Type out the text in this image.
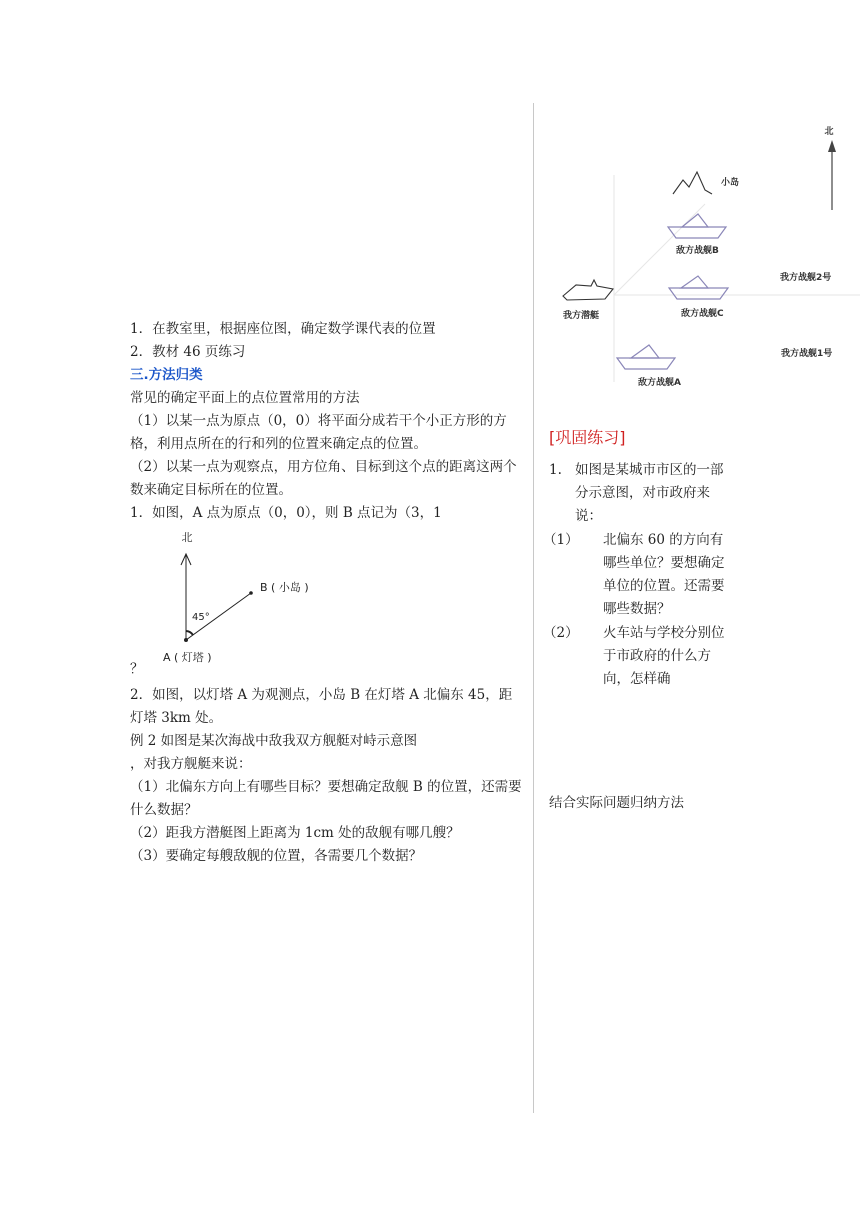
北
小岛
敌方战舰B
我方战舰2号
我方潜艇	敌方战舰C
我方战舰1号
敌方战舰A

1．在教室里，根据座位图，确定数学课代表的位置

2．教材 46 页练习

三.方法归类

常见的确定平面上的点位置常用的方法

（1）以某一点为原点（0，0）将平面分成若干个小正方形的方格，利用点所在的行和列的位置来确定点的位置。

（2）以某一点为观察点，用方位角、目标到这个点的距离这两个数来确定目标所在的位置。

1．如图，A 点为原点（0，0），则 B 点记为（3，1

北
B ( 小岛 )
45°
A ( 灯塔 )

？

2．如图，以灯塔 A 为观测点，小岛 B 在灯塔 A 北偏东 45，距灯塔 3km 处。

例 2 如图是某次海战中敌我双方舰艇对峙示意图

，对我方舰艇来说：

（1）北偏东方向上有哪些目标？要想确定敌舰 B 的位置，还需要什么数据？

（2）距我方潜艇图上距离为 1cm 处的敌舰有哪几艘？

（3）要确定每艘敌舰的位置，各需要几个数据？

[巩固练习]
1. 如图是某城市市区的一部分示意图，对市政府来说：
（1） 北偏东 60 的方向有哪些单位？要想确定单位的位置。还需要哪些数据？
（2） 火车站与学校分别位于市政府的什么方向，怎样确
结合实际问题归纳方法
